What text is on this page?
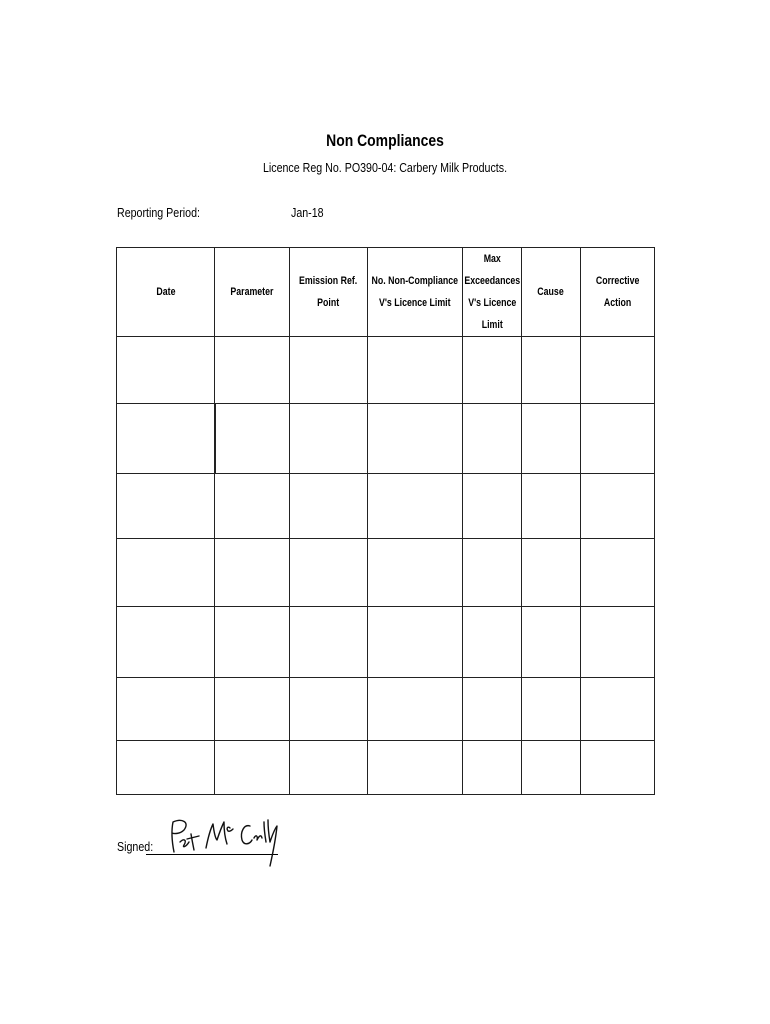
Non Compliances
Licence Reg No. PO390-04: Carbery Milk Products.
Reporting Period:	Jan-18
Date	Parameter	Emission Ref. Point	No. Non-Compliance V's Licence Limit	Max Exceedances V's Licence Limit	Cause	Corrective Action

Signed:
